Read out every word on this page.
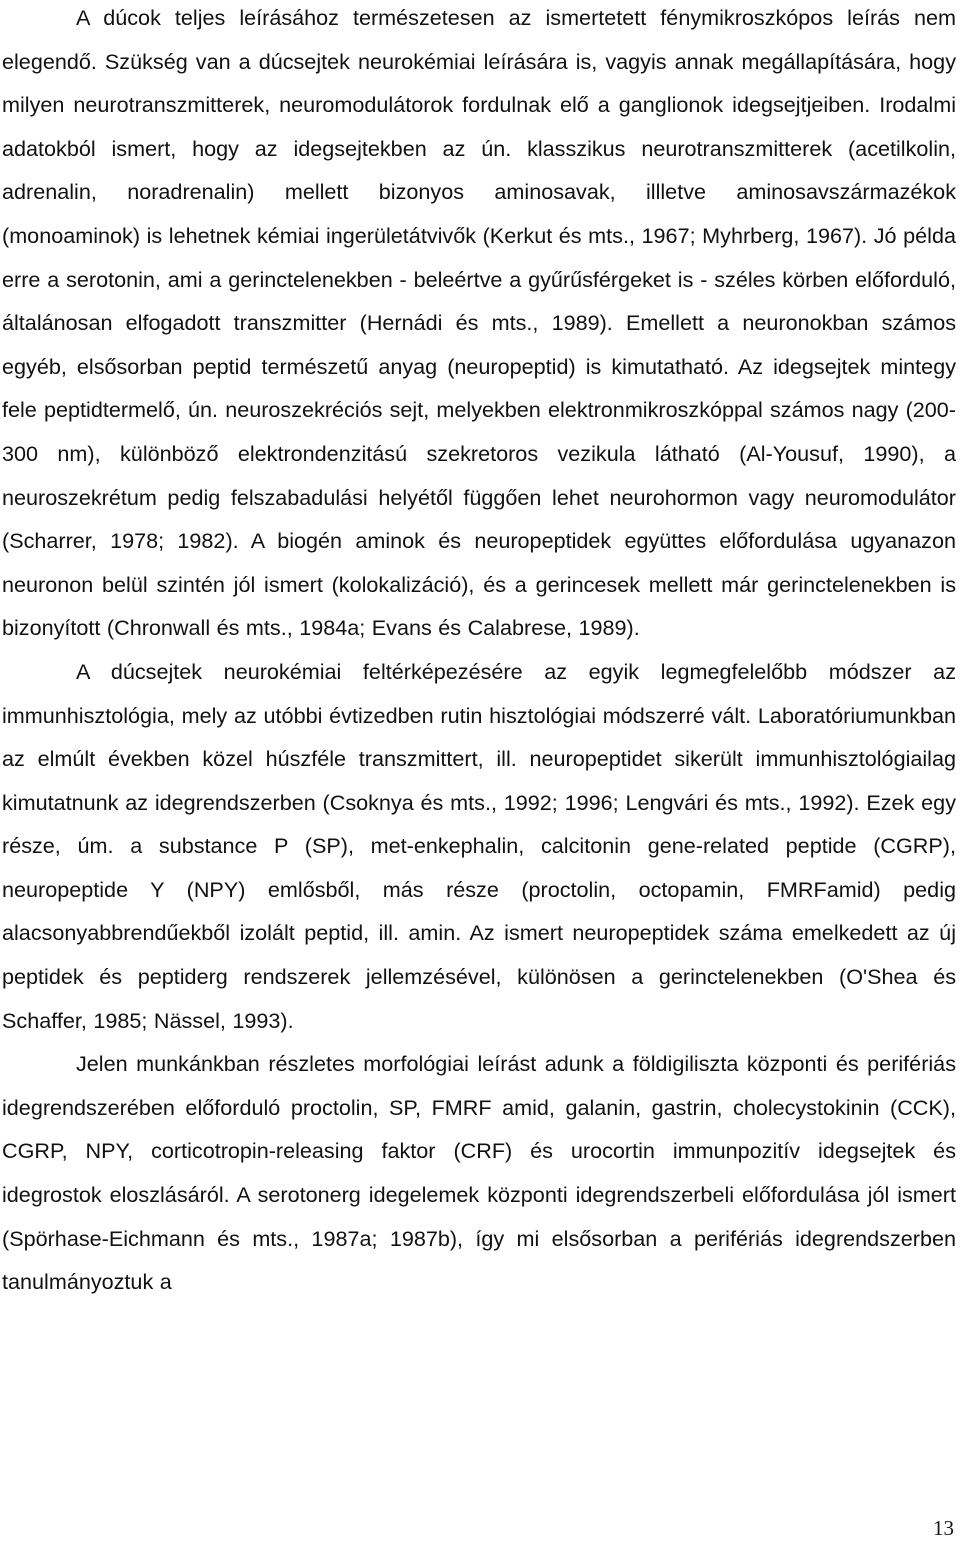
A dúcok teljes leírásához természetesen az ismertetett fénymikroszkópos leírás nem elegendő. Szükség van a dúcsejtek neurokémiai leírására is, vagyis annak megállapítására, hogy milyen neurotranszmitterek, neuromodulátorok fordulnak elő a ganglionok idegsejtjeiben. Irodalmi adatokból ismert, hogy az idegsejtekben az ún. klasszikus neurotranszmitterek (acetilkolin, adrenalin, noradrenalin) mellett bizonyos aminosavak, illletve aminosavszármazékok (monoaminok) is lehetnek kémiai ingerületátvivők (Kerkut és mts., 1967; Myhrberg, 1967). Jó példa erre a serotonin, ami a gerinctelenekben - beleértve a gyűrűsférgeket is - széles körben előforduló, általánosan elfogadott transzmitter (Hernádi és mts., 1989). Emellett a neuronokban számos egyéb, elsősorban peptid természetű anyag (neuropeptid) is kimutatható. Az idegsejtek mintegy fele peptidtermelő, ún. neuroszekréciós sejt, melyekben elektronmikroszkóppal számos nagy (200-300 nm), különböző elektrondenzitású szekretoros vezikula látható (Al-Yousuf, 1990), a neuroszekrétum pedig felszabadulási helyétől függően lehet neurohormon vagy neuromodulátor (Scharrer, 1978; 1982). A biogén aminok és neuropeptidek együttes előfordulása ugyanazon neuronon belül szintén jól ismert (kolokalizáció), és a gerincesek mellett már gerinctelenekben is bizonyított (Chronwall és mts., 1984a; Evans és Calabrese, 1989).

A dúcsejtek neurokémiai feltérképezésére az egyik legmegfelelőbb módszer az immunhisztológia, mely az utóbbi évtizedben rutin hisztológiai módszerré vált. Laboratóriumunkban az elmúlt években közel húszféle transzmittert, ill. neuropeptidet sikerült immunhisztológiailag kimutatnunk az idegrendszerben (Csoknya és mts., 1992; 1996; Lengvári és mts., 1992). Ezek egy része, úm. a substance P (SP), met-enkephalin, calcitonin gene-related peptide (CGRP), neuropeptide Y (NPY) emlősből, más része (proctolin, octopamin, FMRFamid) pedig alacsonyabbrendűekből izolált peptid, ill. amin. Az ismert neuropeptidek száma emelkedett az új peptidek és peptiderg rendszerek jellemzésével, különösen a gerinctelenekben (O'Shea és Schaffer, 1985; Nässel, 1993).

Jelen munkánkban részletes morfológiai leírást adunk a földigiliszta központi és perifériás idegrendszerében előforduló proctolin, SP, FMRF amid, galanin, gastrin, cholecystokinin (CCK), CGRP, NPY, corticotropin-releasing faktor (CRF) és urocortin immunpozitív idegsejtek és idegrostok eloszlásáról. A serotonerg idegelemek központi idegrendszerbeli előfordulása jól ismert (Spörhase-Eichmann és mts., 1987a; 1987b), így mi elsősorban a perifériás idegrendszerben tanulmányoztuk a

13
